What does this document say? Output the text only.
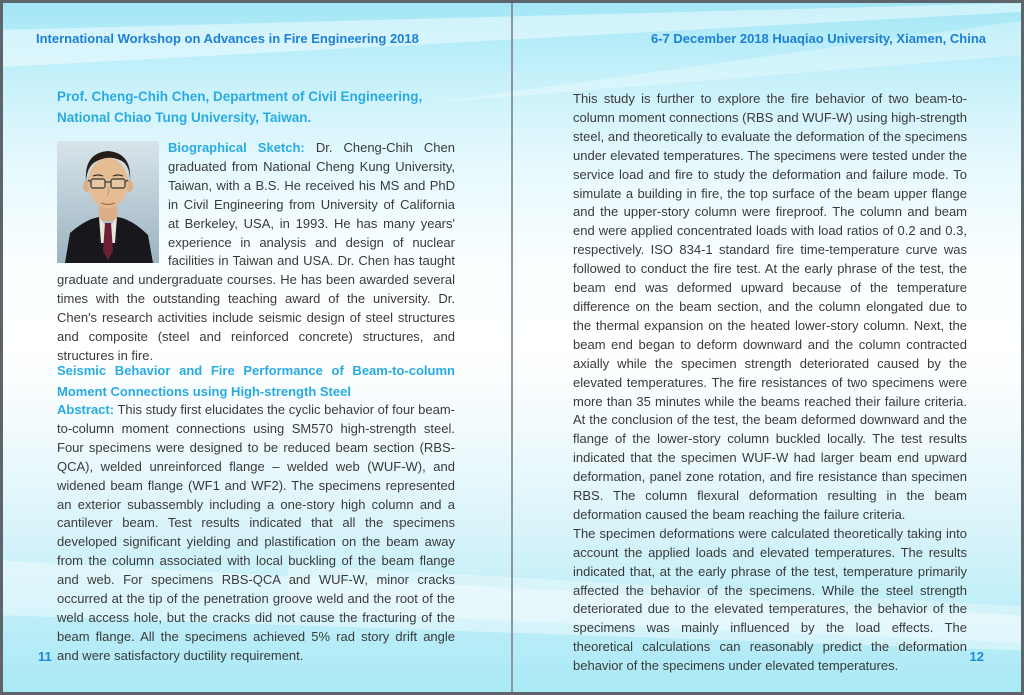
International Workshop on Advances in Fire Engineering 2018
Prof. Cheng-Chih Chen, Department of Civil Engineering, National Chiao Tung University, Taiwan.
Biographical Sketch: Dr. Cheng-Chih Chen graduated from National Cheng Kung University, Taiwan, with a B.S. He received his MS and PhD in Civil Engineering from University of California at Berkeley, USA, in 1993. He has many years' experience in analysis and design of nuclear facilities in Taiwan and USA. Dr. Chen has taught graduate and undergraduate courses. He has been awarded several times with the outstanding teaching award of the university. Dr. Chen's research activities include seismic design of steel structures and composite (steel and reinforced concrete) structures, and structures in fire.
Seismic Behavior and Fire Performance of Beam-to-column Moment Connections using High-strength Steel

Abstract: This study first elucidates the cyclic behavior of four beam-to-column moment connections using SM570 high-strength steel. Four specimens were designed to be reduced beam section (RBS-QCA), welded unreinforced flange – welded web (WUF-W), and widened beam flange (WF1 and WF2). The specimens represented an exterior subassembly including a one-story high column and a cantilever beam. Test results indicated that all the specimens developed significant yielding and plastification on the beam away from the column associated with local buckling of the beam flange and web. For specimens RBS-QCA and WUF-W, minor cracks occurred at the tip of the penetration groove weld and the root of the weld access hole, but the cracks did not cause the fracturing of the beam flange. All the specimens achieved 5% rad story drift angle and were satisfactory ductility requirement.

11
6-7 December 2018 Huaqiao University, Xiamen, China

This study is further to explore the fire behavior of two beam-to-column moment connections (RBS and WUF-W) using high-strength steel, and theoretically to evaluate the deformation of the specimens under elevated temperatures. The specimens were tested under the service load and fire to study the deformation and failure mode. To simulate a building in fire, the top surface of the beam upper flange and the upper-story column were fireproof. The column and beam end were applied concentrated loads with load ratios of 0.2 and 0.3, respectively. ISO 834-1 standard fire time-temperature curve was followed to conduct the fire test. At the early phrase of the test, the beam end was deformed upward because of the temperature difference on the beam section, and the column elongated due to the thermal expansion on the heated lower-story column. Next, the beam end began to deform downward and the column contracted axially while the specimen strength deteriorated caused by the elevated temperatures. The fire resistances of two specimens were more than 35 minutes while the beams reached their failure criteria. At the conclusion of the test, the beam deformed downward and the flange of the lower-story column buckled locally. The test results indicated that the specimen WUF-W had larger beam end upward deformation, panel zone rotation, and fire resistance than specimen RBS. The column flexural deformation resulting in the beam deformation caused the beam reaching the failure criteria.

The specimen deformations were calculated theoretically taking into account the applied loads and elevated temperatures. The results indicated that, at the early phrase of the test, temperature primarily affected the behavior of the specimens. While the steel strength deteriorated due to the elevated temperatures, the behavior of the specimens was mainly influenced by the load effects. The theoretical calculations can reasonably predict the deformation behavior of the specimens under elevated temperatures.

12
